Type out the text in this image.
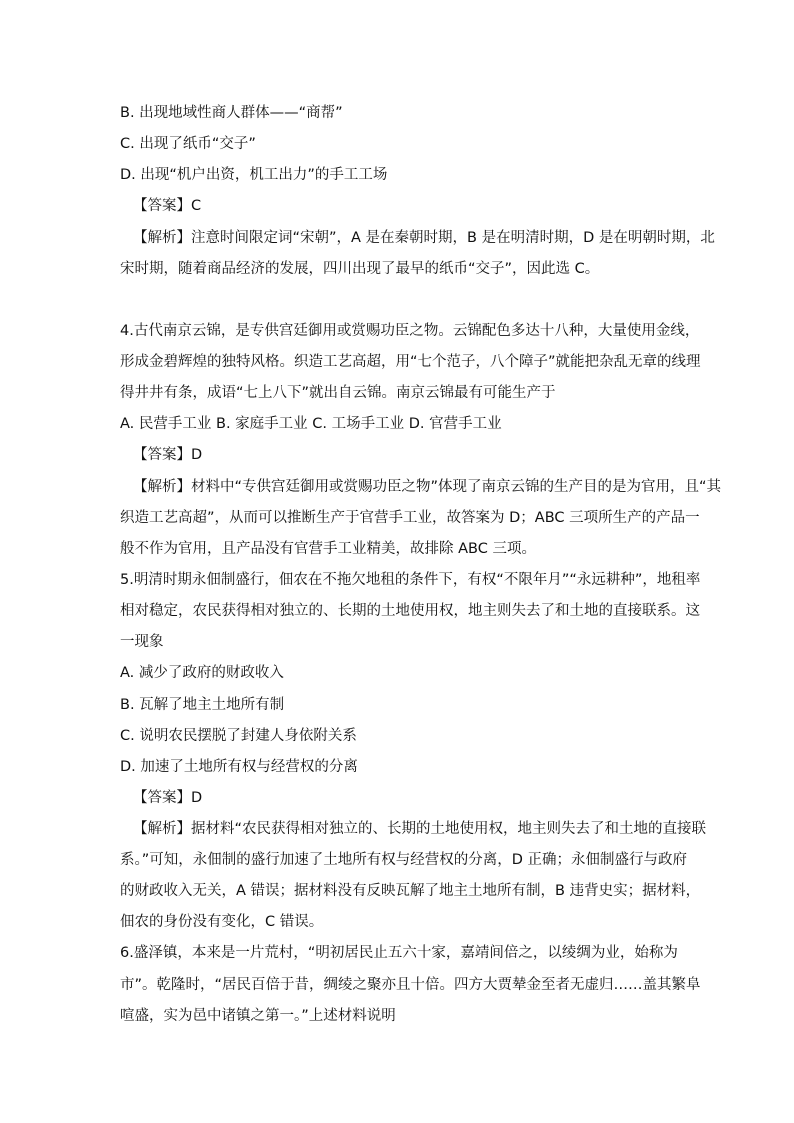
B. 出现地域性商人群体——“商帮”
C. 出现了纸币“交子”
D. 出现“机户出资，机工出力”的手工工场
【答案】C
【解析】注意时间限定词“宋朝”，A 是在秦朝时期，B 是在明清时期，D 是在明朝时期，北
宋时期，随着商品经济的发展，四川出现了最早的纸币“交子”，因此选 C。
4.古代南京云锦，是专供宫廷御用或赏赐功臣之物。云锦配色多达十八种，大量使用金线，
形成金碧辉煌的独特风格。织造工艺高超，用“七个范子，八个障子”就能把杂乱无章的线理
得井井有条，成语“七上八下”就出自云锦。南京云锦最有可能生产于
A. 民营手工业 B. 家庭手工业 C. 工场手工业 D. 官营手工业
【答案】D
【解析】材料中“专供宫廷御用或赏赐功臣之物”体现了南京云锦的生产目的是为官用，且“其
织造工艺高超”，从而可以推断生产于官营手工业，故答案为 D；ABC 三项所生产的产品一
般不作为官用，且产品没有官营手工业精美，故排除 ABC 三项。
5.明清时期永佃制盛行，佃农在不拖欠地租的条件下，有权“不限年月”“永远耕种”，地租率
相对稳定，农民获得相对独立的、长期的土地使用权，地主则失去了和土地的直接联系。这
一现象
A. 减少了政府的财政收入
B. 瓦解了地主土地所有制
C. 说明农民摆脱了封建人身依附关系
D. 加速了土地所有权与经营权的分离
【答案】D
【解析】据材料“农民获得相对独立的、长期的土地使用权，地主则失去了和土地的直接联
系。”可知，永佃制的盛行加速了土地所有权与经营权的分离，D 正确；永佃制盛行与政府
的财政收入无关，A 错误；据材料没有反映瓦解了地主土地所有制，B 违背史实；据材料，
佃农的身份没有变化，C 错误。
6.盛泽镇，本来是一片荒村，“明初居民止五六十家，嘉靖间倍之，以绫绸为业，始称为
市”。乾隆时，“居民百倍于昔，绸绫之聚亦且十倍。四方大贾辇金至者无虚归……盖其繁阜
喧盛，实为邑中诸镇之第一。”上述材料说明
